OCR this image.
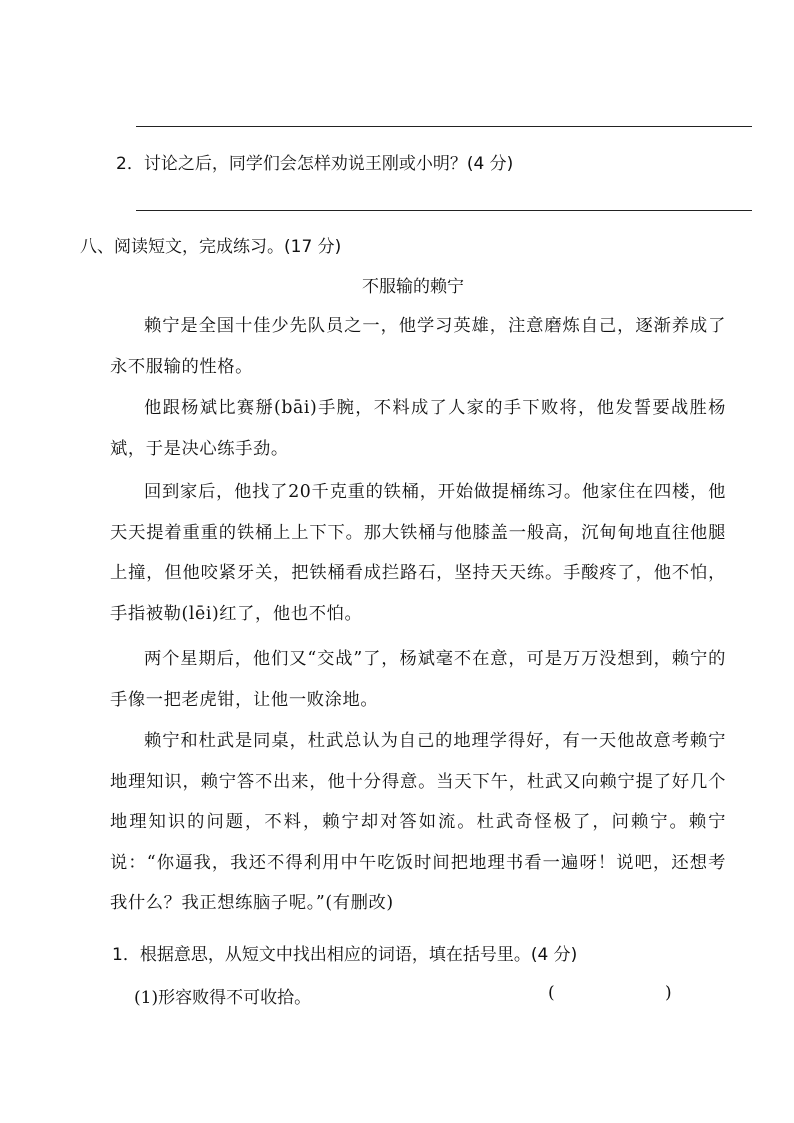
2．讨论之后，同学们会怎样劝说王刚或小明？(4 分)
八、阅读短文，完成练习。(17 分)
不服输的赖宁
赖宁是全国十佳少先队员之一，他学习英雄，注意磨炼自己，逐渐养成了永不服输的性格。
他跟杨斌比赛掰(bāi)手腕，不料成了人家的手下败将，他发誓要战胜杨斌，于是决心练手劲。
回到家后，他找了20千克重的铁桶，开始做提桶练习。他家住在四楼，他天天提着重重的铁桶上上下下。那大铁桶与他膝盖一般高，沉甸甸地直往他腿上撞，但他咬紧牙关，把铁桶看成拦路石，坚持天天练。手酸疼了，他不怕，手指被勒(lēi)红了，他也不怕。
两个星期后，他们又“交战”了，杨斌毫不在意，可是万万没想到，赖宁的手像一把老虎钳，让他一败涂地。
赖宁和杜武是同桌，杜武总认为自己的地理学得好，有一天他故意考赖宁地理知识，赖宁答不出来，他十分得意。当天下午，杜武又向赖宁提了好几个地理知识的问题，不料，赖宁却对答如流。杜武奇怪极了，问赖宁。赖宁说：“你逼我，我还不得利用中午吃饭时间把地理书看一遍呀！说吧，还想考我什么？我正想练脑子呢。”(有删改)
1．根据意思，从短文中找出相应的词语，填在括号里。(4 分)
(1)形容败得不可收拾。	(	)
